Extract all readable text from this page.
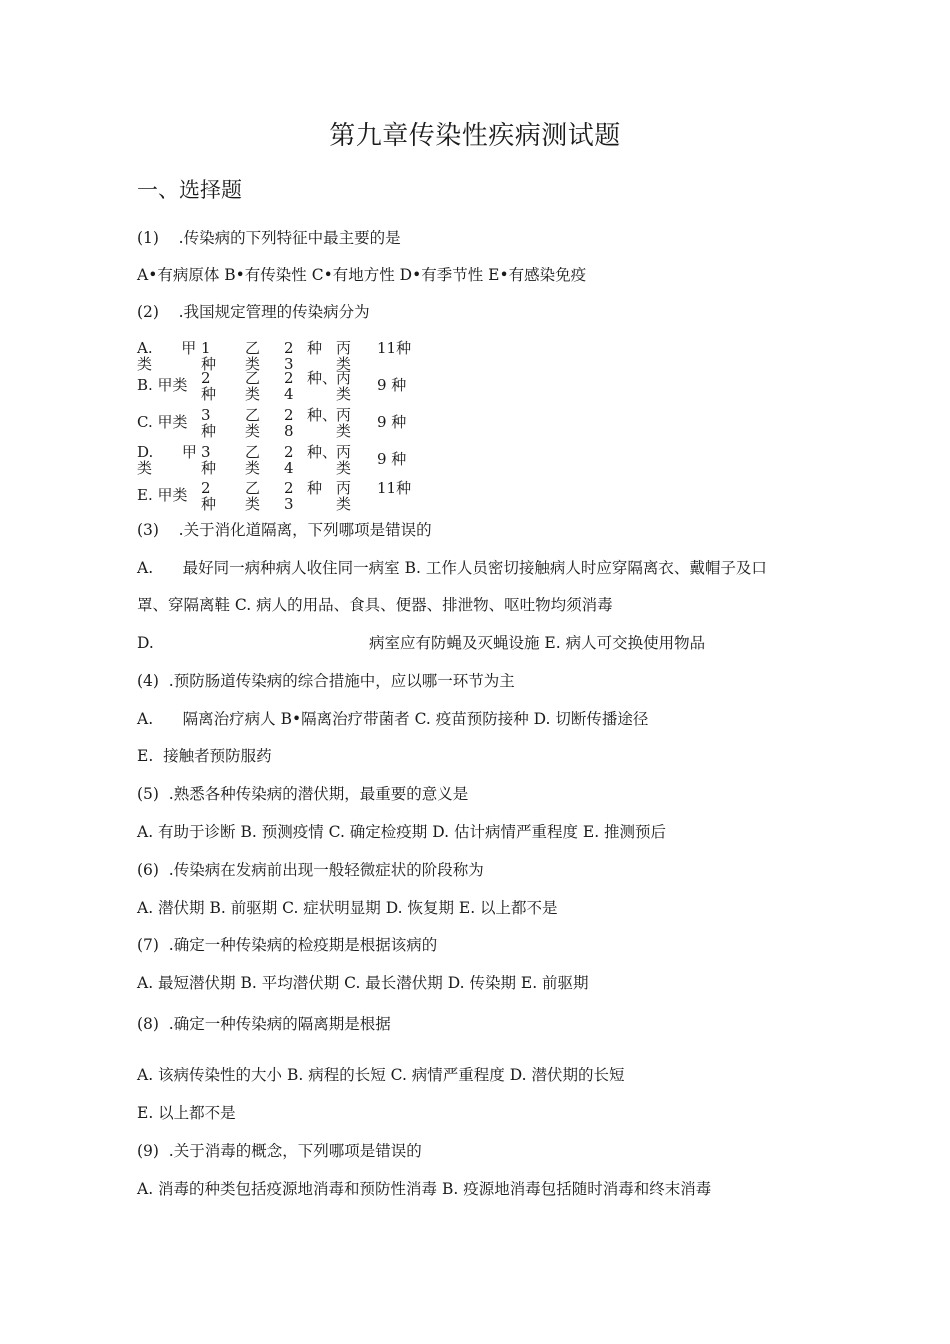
第九章传染性疾病测试题
一、选择题
(1)    .传染病的下列特征中最主要的是
A•有病原体 B•有传染性 C•有地方性 D•有季节性 E•有感染免疫
(2)    .我国规定管理的传染病分为
A.      甲类
1种
乙类
2 3
种 丙类
11种
B. 甲类 2种
乙类
2 4
种、
丙类 9 种
C. 甲类 3种
乙类
2 8
种、
丙类 9 种
D.      甲类
3种
乙类
2 4
种、
丙类 9 种
E. 甲类 2种
乙类
2 3
种 丙类
11种
(3)    .关于消化道隔离，下列哪项是错误的
A.      最好同一病种病人收住同一病室 B. 工作人员密切接触病人时应穿隔离衣、戴帽子及口
罩、穿隔离鞋 C. 病人的用品、食具、便器、排泄物、呕吐物均须消毒
D.	病室应有防蝇及灭蝇设施 E. 病人可交换使用物品
(4)  .预防肠道传染病的综合措施中，应以哪一环节为主
A.      隔离治疗病人 B•隔离治疗带菌者 C. 疫苗预防接种 D. 切断传播途径
E.  接触者预防服药
(5)  .熟悉各种传染病的潜伏期，最重要的意义是
A. 有助于诊断 B. 预测疫情 C. 确定检疫期 D. 估计病情严重程度 E. 推测预后
(6)  .传染病在发病前出现一般轻微症状的阶段称为
A. 潜伏期 B. 前驱期 C. 症状明显期 D. 恢复期 E. 以上都不是
(7)  .确定一种传染病的检疫期是根据该病的
A. 最短潜伏期 B. 平均潜伏期 C. 最长潜伏期 D. 传染期 E. 前驱期
(8)  .确定一种传染病的隔离期是根据
A. 该病传染性的大小 B. 病程的长短 C. 病情严重程度 D. 潜伏期的长短
E. 以上都不是
(9)  .关于消毒的概念，下列哪项是错误的
A. 消毒的种类包括疫源地消毒和预防性消毒 B. 疫源地消毒包括随时消毒和终末消毒
